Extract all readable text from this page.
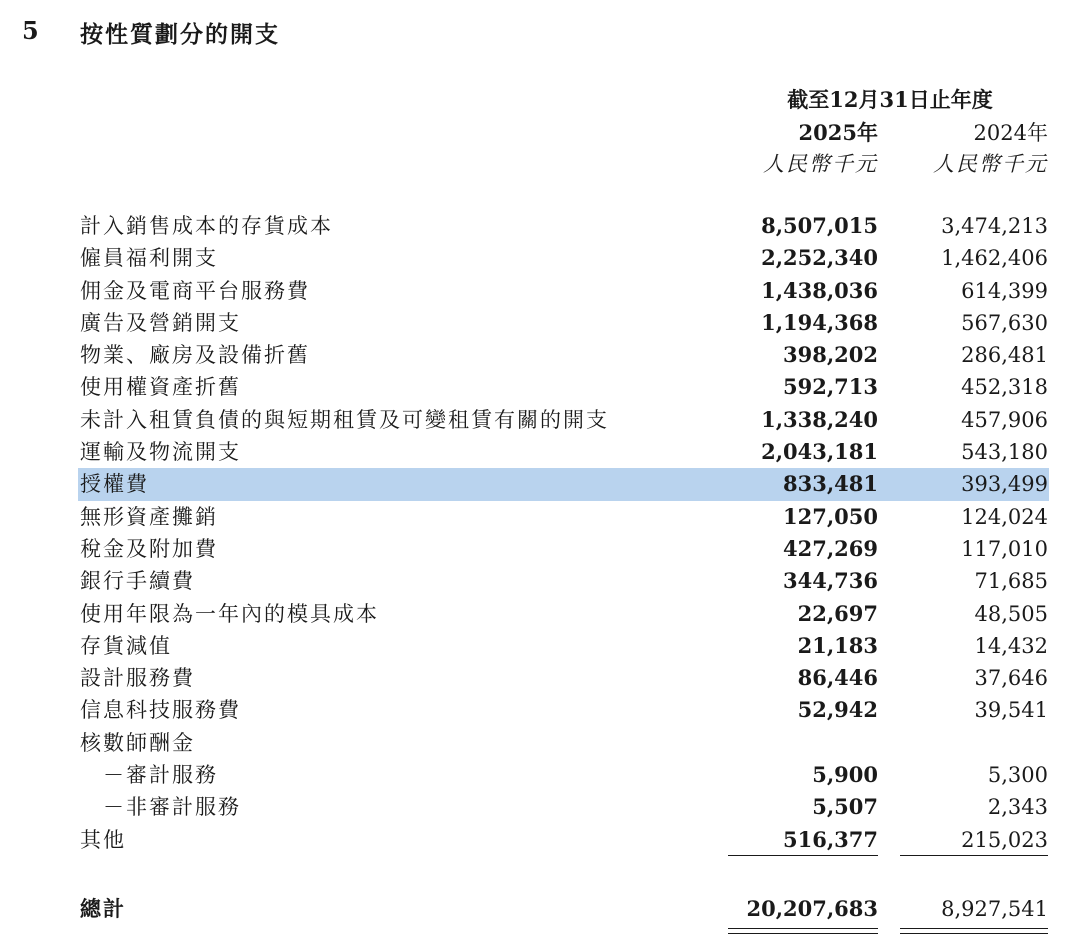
5 按性質劃分的開支
截至12月31日止年度
2025年	2024年
人民幣千元	人民幣千元
計入銷售成本的存貨成本	8,507,015	3,474,213
僱員福利開支	2,252,340	1,462,406
佣金及電商平台服務費	1,438,036	614,399
廣告及營銷開支	1,194,368	567,630
物業、廠房及設備折舊	398,202	286,481
使用權資產折舊	592,713	452,318
未計入租賃負債的與短期租賃及可變租賃有關的開支	1,338,240	457,906
運輸及物流開支	2,043,181	543,180
授權費	833,481	393,499
無形資產攤銷	127,050	124,024
稅金及附加費	427,269	117,010
銀行手續費	344,736	71,685
使用年限為一年內的模具成本	22,697	48,505
存貨減值	21,183	14,432
設計服務費	86,446	37,646
信息科技服務費	52,942	39,541
核數師酬金
－審計服務	5,900	5,300
－非審計服務	5,507	2,343
其他	516,377	215,023
總計	20,207,683	8,927,541
